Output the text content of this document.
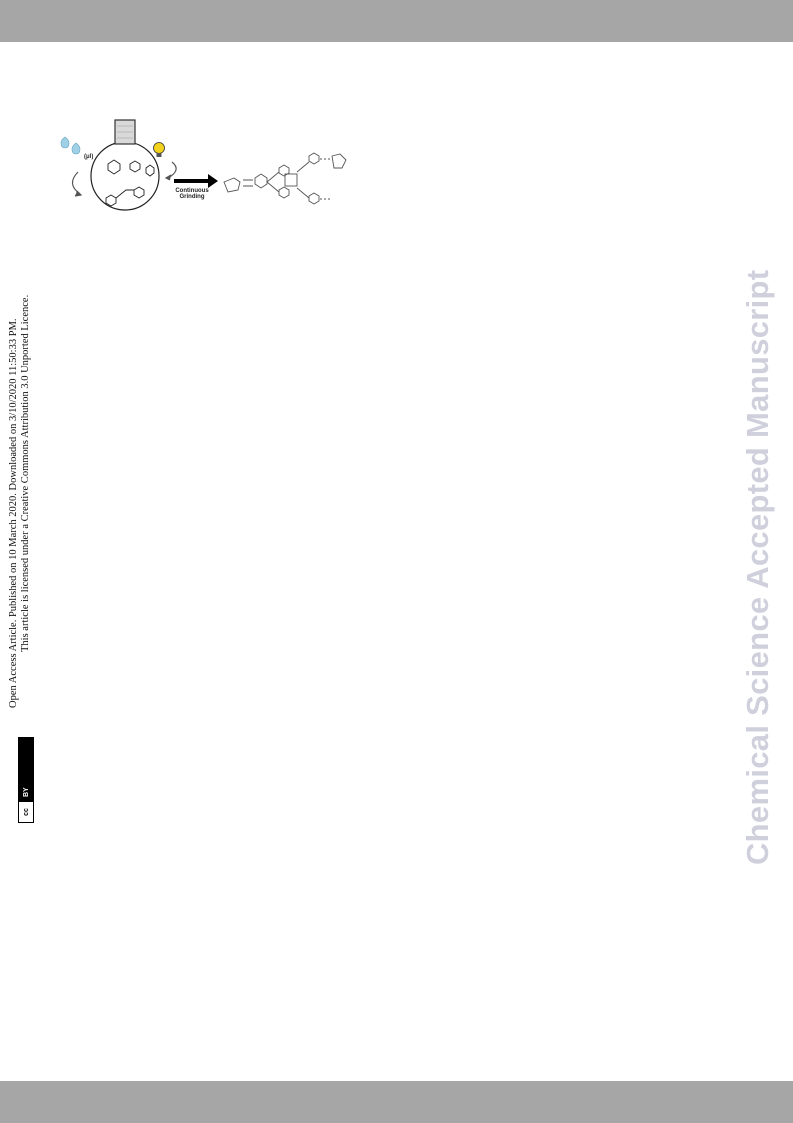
(μl)
Continuous
Grinding
Open Access Article. Published on 10 March 2020. Downloaded on 3/10/2020 11:50:33 PM. This article is licensed under a Creative Commons Attribution 3.0 Unported Licence.
cc
BY	Chemical Science Accepted Manuscript
